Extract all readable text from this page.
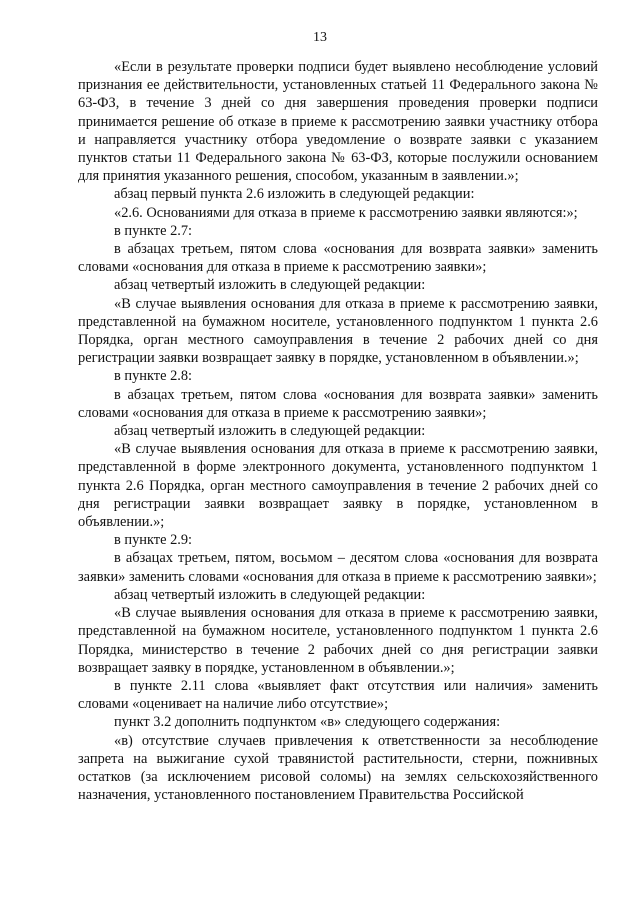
13

«Если в результате проверки подписи будет выявлено несоблюдение условий признания ее действительности, установленных статьей 11 Федерального закона № 63-ФЗ, в течение 3 дней со дня завершения проведения проверки подписи принимается решение об отказе в приеме к рассмотрению заявки участнику отбора и направляется участнику отбора уведомление о возврате заявки с указанием пунктов статьи 11 Федерального закона № 63-ФЗ, которые послужили основанием для принятия указанного решения, способом, указанным в заявлении.»;

абзац первый пункта 2.6 изложить в следующей редакции:

«2.6. Основаниями для отказа в приеме к рассмотрению заявки являются:»;

в пункте 2.7:

в абзацах третьем, пятом слова «основания для возврата заявки» заменить словами «основания для отказа в приеме к рассмотрению заявки»;

абзац четвертый изложить в следующей редакции:

«В случае выявления основания для отказа в приеме к рассмотрению заявки, представленной на бумажном носителе, установленного подпунктом 1 пункта 2.6 Порядка, орган местного самоуправления в течение 2 рабочих дней со дня регистрации заявки возвращает заявку в порядке, установленном в объявлении.»;

в пункте 2.8:

в абзацах третьем, пятом слова «основания для возврата заявки» заменить словами «основания для отказа в приеме к рассмотрению заявки»;

абзац четвертый изложить в следующей редакции:

«В случае выявления основания для отказа в приеме к рассмотрению заявки, представленной в форме электронного документа, установленного подпунктом 1 пункта 2.6 Порядка, орган местного самоуправления в течение 2 рабочих дней со дня регистрации заявки возвращает заявку в порядке, установленном в объявлении.»;

в пункте 2.9:

в абзацах третьем, пятом, восьмом – десятом слова «основания для возврата заявки» заменить словами «основания для отказа в приеме к рассмотрению заявки»;

абзац четвертый изложить в следующей редакции:

«В случае выявления основания для отказа в приеме к рассмотрению заявки, представленной на бумажном носителе, установленного подпунктом 1 пункта 2.6 Порядка, министерство в течение 2 рабочих дней со дня регистрации заявки возвращает заявку в порядке, установленном в объявлении.»;

в пункте 2.11 слова «выявляет факт отсутствия или наличия» заменить словами «оценивает на наличие либо отсутствие»;

пункт 3.2 дополнить подпунктом «в» следующего содержания:

«в) отсутствие случаев привлечения к ответственности за несоблюдение запрета на выжигание сухой травянистой растительности, стерни, пожнивных остатков (за исключением рисовой соломы) на землях сельскохозяйственного назначения, установленного постановлением Правительства Российской
